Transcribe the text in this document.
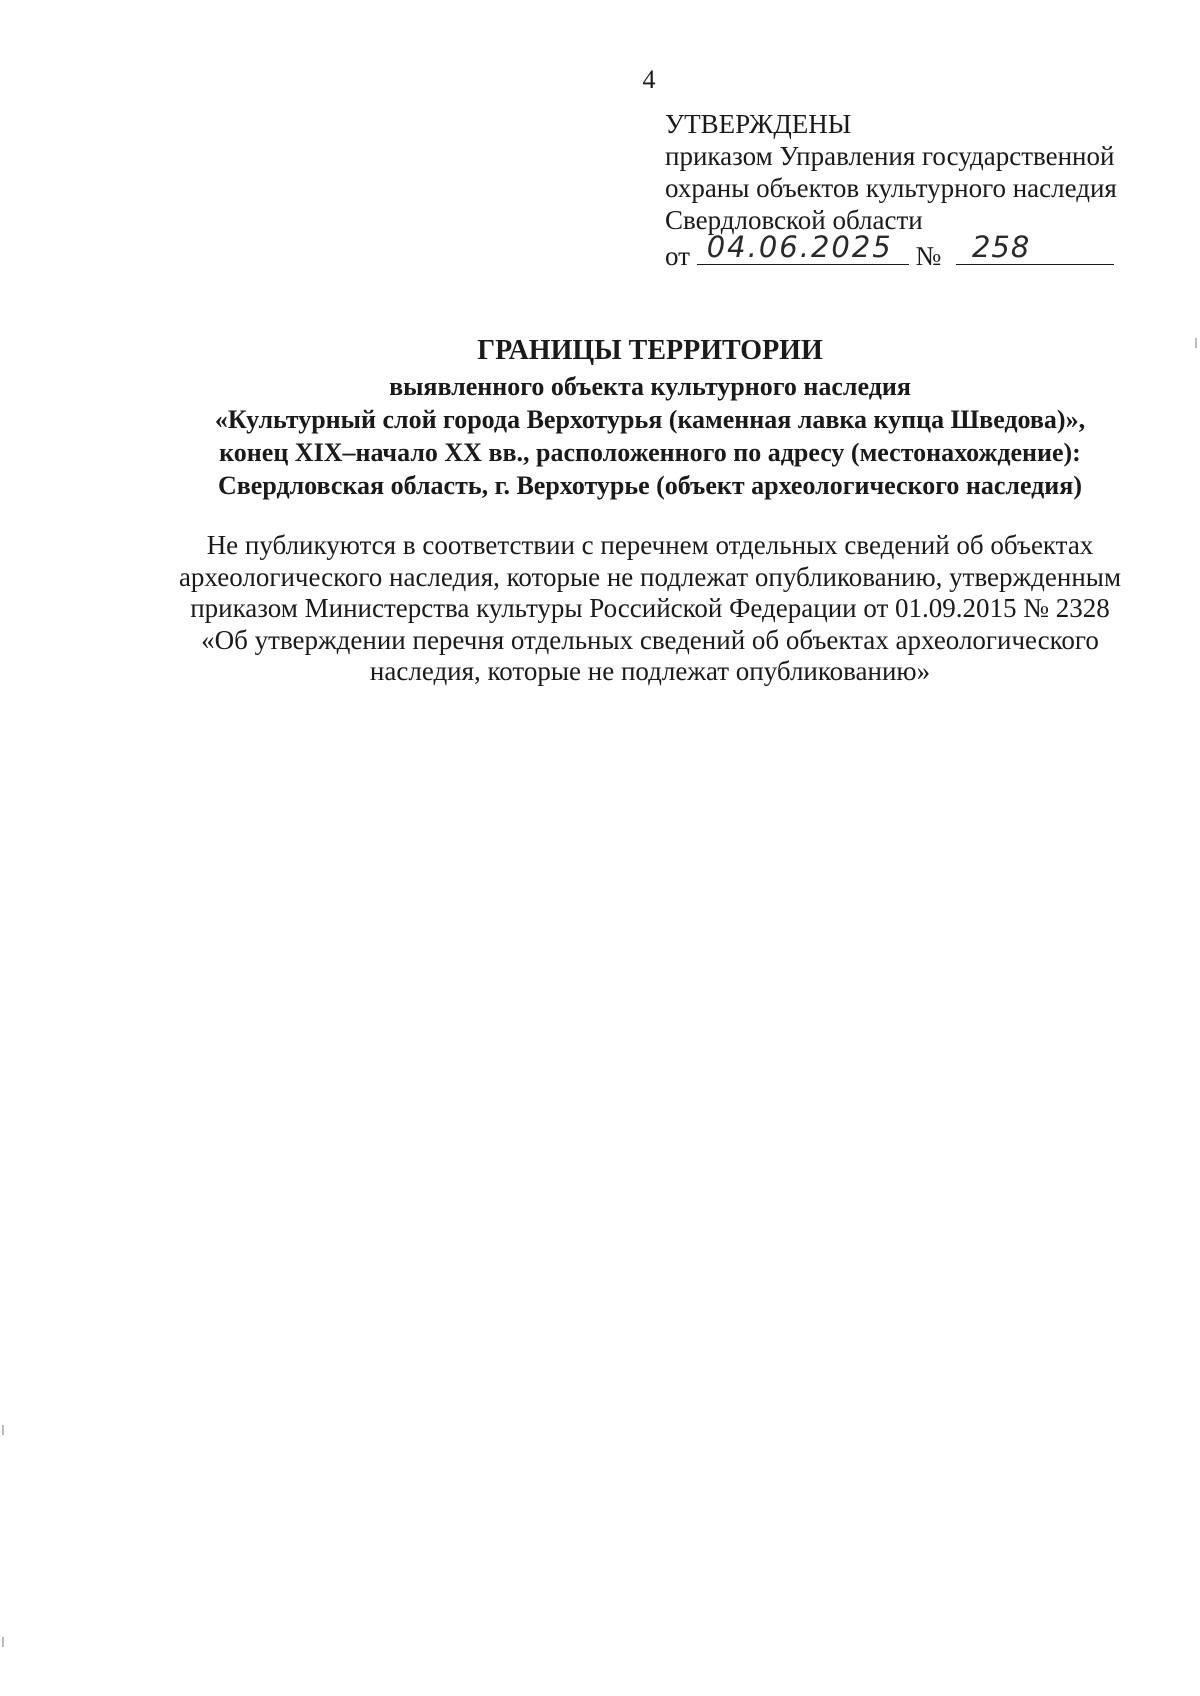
4
УТВЕРЖДЕНЫ
приказом Управления государственной
охраны объектов культурного наследия
Свердловской области
от 04.06.2025 № 258

ГРАНИЦЫ ТЕРРИТОРИИ

выявленного объекта культурного наследия

«Культурный слой города Верхотурья (каменная лавка купца Шведова)»,

конец XIX–начало XX вв., расположенного по адресу (местонахождение):

Свердловская область, г. Верхотурье (объект археологического наследия)

Не публикуются в соответствии с перечнем отдельных сведений об объектах
археологического наследия, которые не подлежат опубликованию, утвержденным
приказом Министерства культуры Российской Федерации от 01.09.2015 № 2328
«Об утверждении перечня отдельных сведений об объектах археологического
наследия, которые не подлежат опубликованию»
